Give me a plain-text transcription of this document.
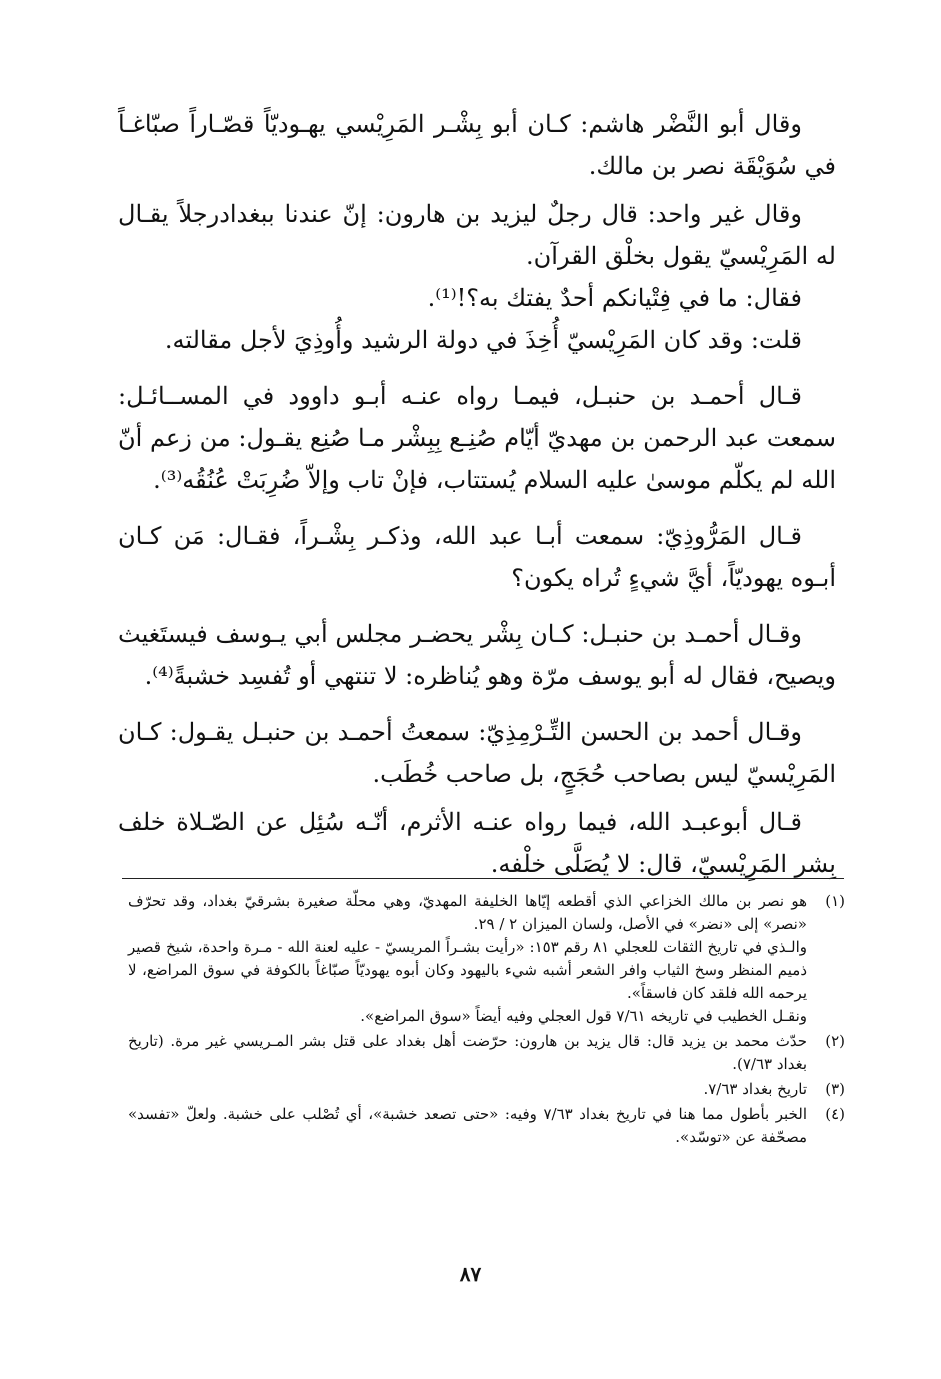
وقال أبو النَّضْر هاشم: كـان أبو بِشْـر المَرِيْسي يهـوديّاً قصّـاراً صبّاغـاً في سُوَيْقَة نصر بن مالك.

وقال غير واحد: قال رجلٌ ليزيد بن هارون: إنّ عندنا ببغدادرجلاً يقـال له المَرِيْسيّ يقول بخلْق القرآن.

فقال: ما في فِتْيانكم أحدٌ يفتك به؟!⁽¹⁾.

قلت: وقد كان المَرِيْسيّ أُخِذَ في دولة الرشيد وأُوذِيَ لأجل مقالته.

قـال أحمـد بن حنبـل، فيمـا رواه عنـه أبـو داوود في المســائـل: سمعت عبد الرحمن بن مهديّ أيّام صُنِـع بِبِشْر مـا صُنِع يقـول: من زعم أنّ الله لم يكلّم موسىٰ عليه السلام يُستتاب، فإنْ تاب وإلاّ ضُرِبَتْ عُنُقُه⁽³⁾.

قـال المَرُّوذِيّ: سمعت أبـا عبد الله، وذكـر بِشْـراً، فقـال: مَن كـان أبـوه يهوديّاً، أيَّ شيءٍ تُراه يكون؟

وقـال أحمـد بن حنبـل: كـان بِشْر يحضـر مجلس أبي يـوسف فيستَغيث ويصيح، فقال له أبو يوسف مرّة وهو يُناظره: لا تنتهي أو تُفسِد خشبةً⁽⁴⁾.

وقـال أحمد بن الحسن التِّـرْمِذِيّ: سمعتُ أحمـد بن حنبـل يقـول: كـان المَرِيْسيّ ليس بصاحب حُجَجٍ، بل صاحب خُطَب.

قـال أبوعبـد الله، فيما رواه عنـه الأثرم، أنّـه سُئِل عن الصّـلاة خلف بِشر المَرِيْسيّ، قال: لا يُصَلَّى خلْفه.

(١)

هو نصر بن مالك الخزاعي الذي أقطعه إيّاها الخليفة المهديّ، وهي محلّة صغيرة بشرقيّ بغداد، وقد تحرّف «نصر» إلى «نضر» في الأصل، ولسان الميزان ٢ / ٢٩.

والـذي في تاريخ الثقات للعجلي ٨١ رقم ١٥٣: «رأيت بشـراً المريسيّ - عليه لعنة الله - مـرة واحدة، شيخ قصير ذميم المنظر وسخ الثياب وافر الشعر أشبه شيء باليهود وكان أبوه يهوديّاً صبّاغاً بالكوفة في سوق المراضع، لا يرحمه الله فلقد كان فاسقاً».

ونقـل الخطيب في تاريخه ٧/٦١ قول العجلي وفيه أيضاً «سوق المراضع».

(٢)

حدّث محمد بن يزيد قال: قال يزيد بن هارون: حرّضت أهل بغداد على قتل بشر المـريسي غير مرة. (تاريخ بغداد ٧/٦٣).

(٣)

تاريخ بغداد ٧/٦٣.

(٤)

الخبر بأطول مما هنا في تاريخ بغداد ٧/٦٣ وفيه: «حتى تصعد خشبة»، أي تُصْلب على خشبة. ولعلّ «تفسد» مصحّفة عن «توسّد».

٨٧
